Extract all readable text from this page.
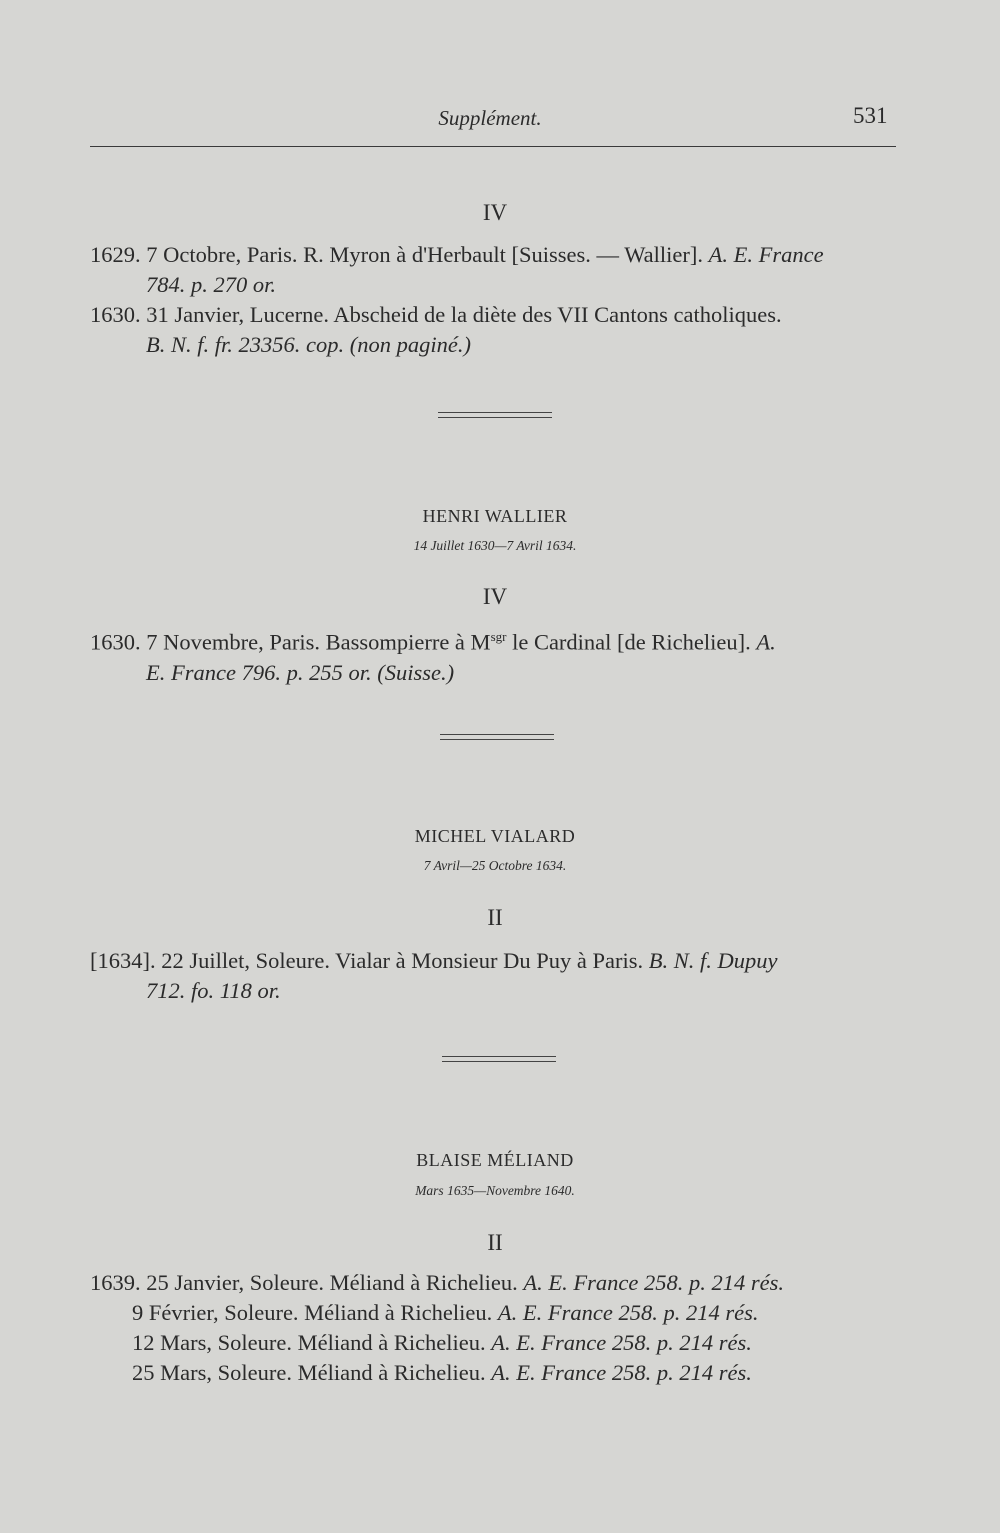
Supplément.	531
IV
1629. 7 Octobre, Paris. R. Myron à d'Herbault [Suisses. — Wallier]. A. E. France
784. p. 270 or.
1630. 31 Janvier, Lucerne. Abscheid de la diète des VII Cantons catholiques.
B. N. f. fr. 23356. cop. (non paginé.)
HENRI WALLIER
14 Juillet 1630—7 Avril 1634.
IV
1630. 7 Novembre, Paris. Bassompierre à $M^{sgr}$ le Cardinal [de Richelieu]. A.
E. France 796. p. 255 or. (Suisse.)
MICHEL VIALARD
7 Avril—25 Octobre 1634.
II
[1634]. 22 Juillet, Soleure. Vialar à Monsieur Du Puy à Paris. B. N. f. Dupuy
712. fo. 118 or.
BLAISE MÉLIAND
Mars 1635—Novembre 1640.
II
1639. 25 Janvier, Soleure. Méliand à Richelieu. A. E. France 258. p. 214 rés.
9 Février, Soleure. Méliand à Richelieu. A. E. France 258. p. 214 rés.
12 Mars, Soleure. Méliand à Richelieu. A. E. France 258. p. 214 rés.
25 Mars, Soleure. Méliand à Richelieu. A. E. France 258. p. 214 rés.
